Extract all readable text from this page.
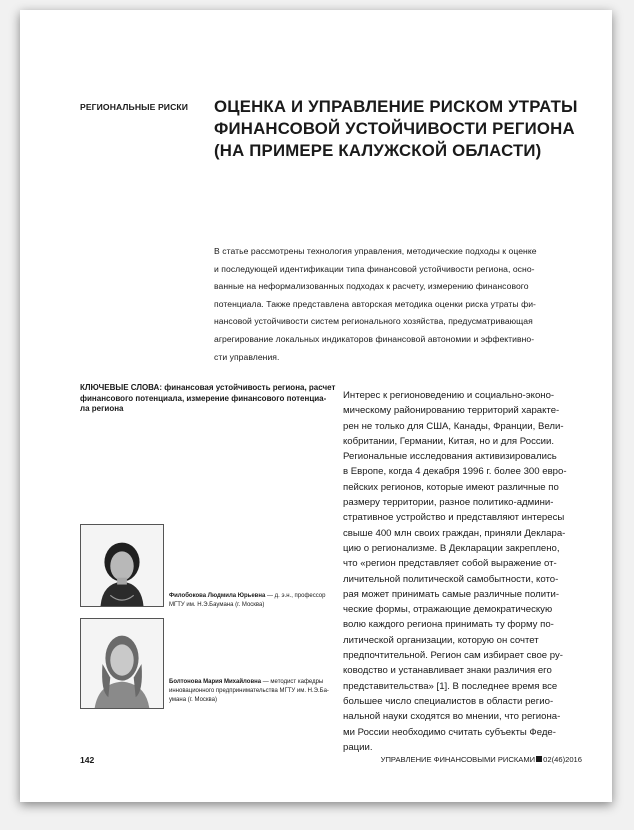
РЕГИОНАЛЬНЫЕ РИСКИ	ОЦЕНКА И УПРАВЛЕНИЕ РИСКОМ УТРАТЫ
ФИНАНСОВОЙ УСТОЙЧИВОСТИ РЕГИОНА
(НА ПРИМЕРЕ КАЛУЖСКОЙ ОБЛАСТИ)
В статье рассмотрены технология управления, методические подходы к оценке
и последующей идентификации типа финансовой устойчивости региона, осно-
ванные на неформализованных подходах к расчету, измерению финансового
потенциала. Также представлена авторская методика оценки риска утраты фи-
нансовой устойчивости систем регионального хозяйства, предусматривающая
агрегирование локальных индикаторов финансовой автономии и эффективно-
сти управления.
КЛЮЧЕВЫЕ СЛОВА: финансовая устойчивость региона, расчет
финансового потенциала, измерение финансового потенциа-
ла региона
Филобокова Людмила Юрьевна — д. э.н., профессор
МГТУ им. Н.Э.Баумана (г. Москва)
Болтонова Мария Михайловна — методист кафедры
инновационного предпринимательства МГТУ им. Н.Э.Ба-
умана (г. Москва)
Интерес к регионоведению и социально-эконо-
мическому районированию территорий характе-
рен не только для США, Канады, Франции, Вели-
кобритании, Германии, Китая, но и для России.
Региональные исследования активизировались
в Европе, когда 4 декабря 1996 г. более 300 евро-
пейских регионов, которые имеют различные по
размеру территории, разное политико-админи-
стративное устройство и представляют интересы
свыше 400 млн своих граждан, приняли Деклара-
цию о регионализме. В Декларации закреплено,
что «регион представляет собой выражение от-
личительной политической самобытности, кото-
рая может принимать самые различные полити-
ческие формы, отражающие демократическую
волю каждого региона принимать ту форму по-
литической организации, которую он сочтет
предпочтительной. Регион сам избирает свое ру-
ководство и устанавливает знаки различия его
представительства» [1]. В последнее время все
большее число специалистов в области регио-
нальной науки сходятся во мнении, что региона-
ми России необходимо считать субъекты Феде-
рации.
142	УПРАВЛЕНИЕ ФИНАНСОВЫМИ РИСКАМИ 02(46)2016
